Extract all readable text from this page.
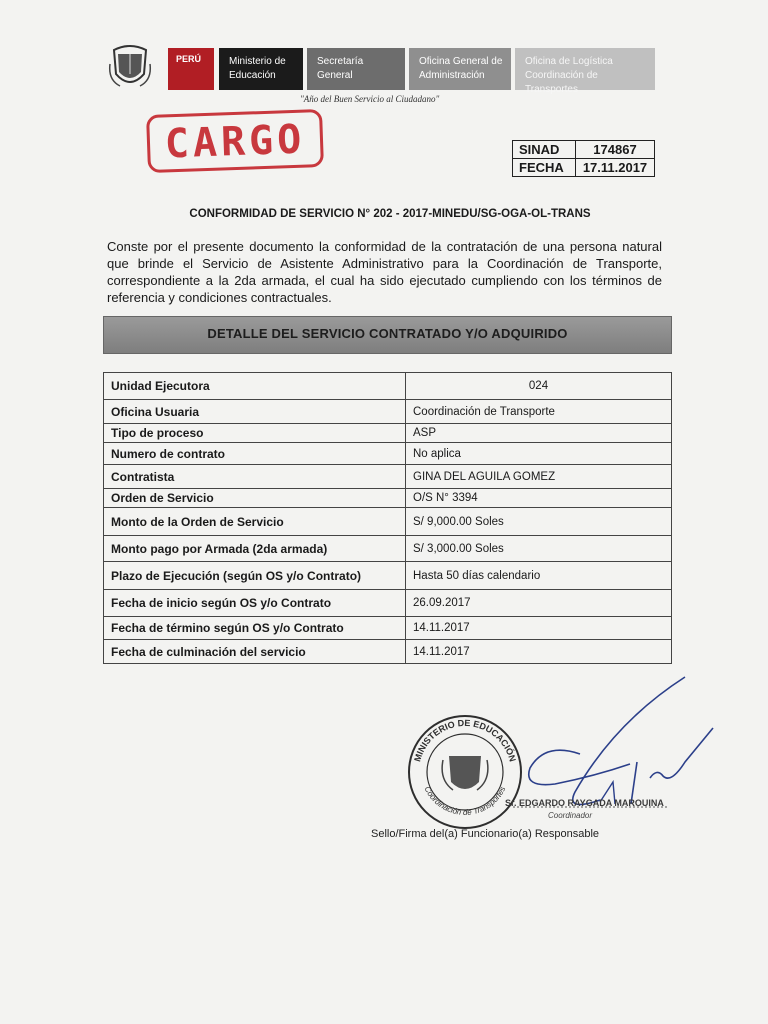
PERÚ	Ministerio de Educación
Secretaría General
Oficina General de Administración
Oficina de Logística Coordinación de Transportes
"Año del Buen Servicio al Ciudadano"
CARGO	SINAD	174867
FECHA	17.11.2017
CONFORMIDAD DE SERVICIO N° 202 - 2017-MINEDU/SG-OGA-OL-TRANS
Conste por el presente documento la conformidad de la contratación de una persona natural que brinde el Servicio de Asistente Administrativo para la Coordinación de Transporte, correspondiente a la 2da armada, el cual ha sido ejecutado cumpliendo con los términos de referencia y condiciones contractuales.
DETALLE DEL SERVICIO CONTRATADO Y/O ADQUIRIDO
Unidad Ejecutora	024
Oficina Usuaria	Coordinación de Transporte
Tipo de proceso	ASP
Numero de contrato	No aplica
Contratista	GINA DEL AGUILA GOMEZ
Orden de Servicio	O/S N° 3394
Monto de la Orden de Servicio	S/ 9,000.00 Soles
Monto pago por Armada (2da armada)	S/ 3,000.00 Soles
Plazo de Ejecución (según OS y/o Contrato)	Hasta 50 días calendario
Fecha de inicio según OS y/o Contrato	26.09.2017
Fecha de término según OS y/o Contrato	14.11.2017
Fecha de culminación del servicio	14.11.2017
MINISTERIO DE EDUCACIÓN
Coordinación de Transportes
Sr. EDGARDO RAYGADA MAROUINA
Coordinador
Sello/Firma del(a) Funcionario(a) Responsable
